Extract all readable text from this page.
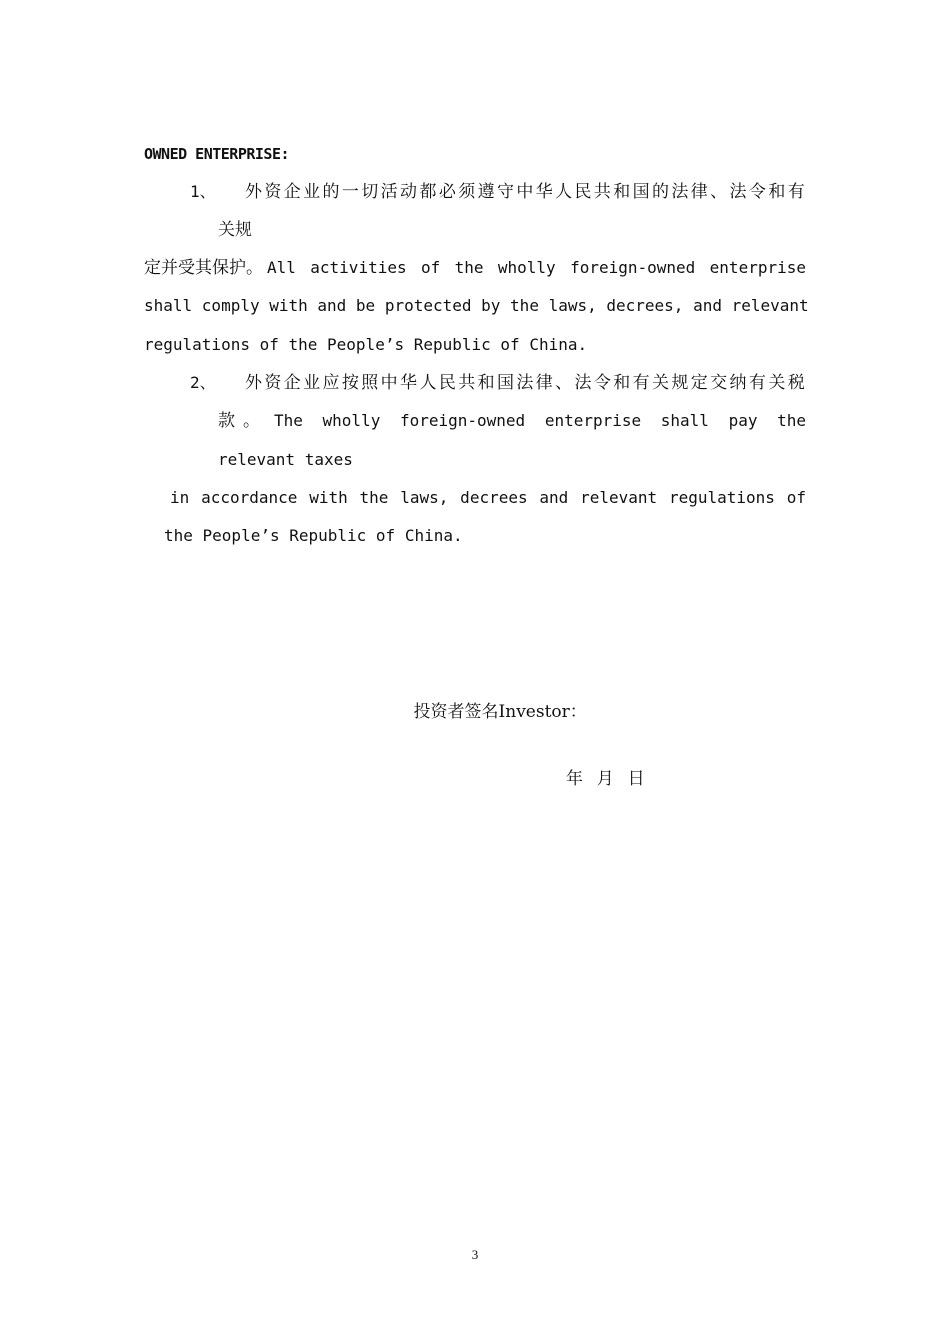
OWNED ENTERPRISE:
1、 外资企业的一切活动都必须遵守中华人民共和国的法律、法令和有
关规
定并受其保护。 All activities of the wholly foreign-owned enterprise
shall comply with and be protected by the laws, decrees, and relevant
regulations of the People’s Republic of China.
2、 外资企业应按照中华人民共和国法律、法令和有关规定交纳有关税
款。 The wholly foreign-owned enterprise shall pay the
relevant taxes
in accordance with the laws, decrees and relevant regulations of
the People’s Republic of China.

投资者签名Investor：

年  月  日
3
